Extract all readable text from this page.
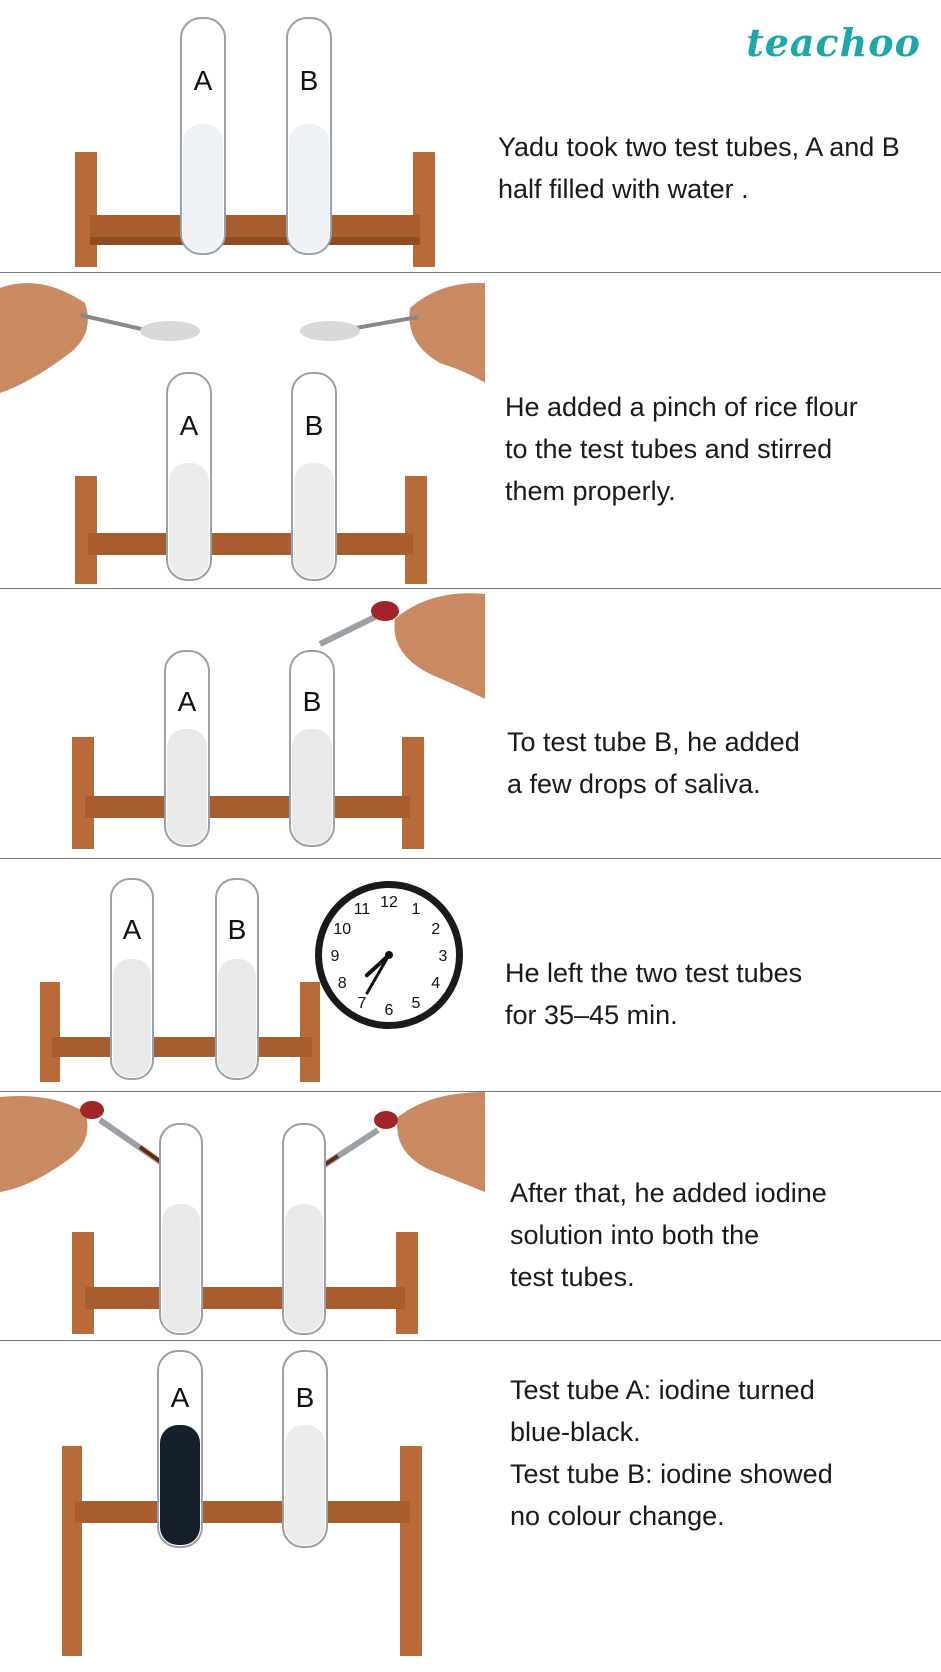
teachoo
A	B
Yadu took two test tubes, A and B
half filled with water .
A	B
He added a pinch of rice flour
to the test tubes and stirred
them properly.
A	B
To test tube B, he added
a few drops of saliva.
A	B
12 1
2
3
4
5
6
7
8
9
10
11
He left the two test tubes
for 35–45 min.
After that, he added iodine
solution into both the
test tubes.
A	B	Test tube A: iodine turned
blue-black.
Test tube B: iodine showed
no colour change.
